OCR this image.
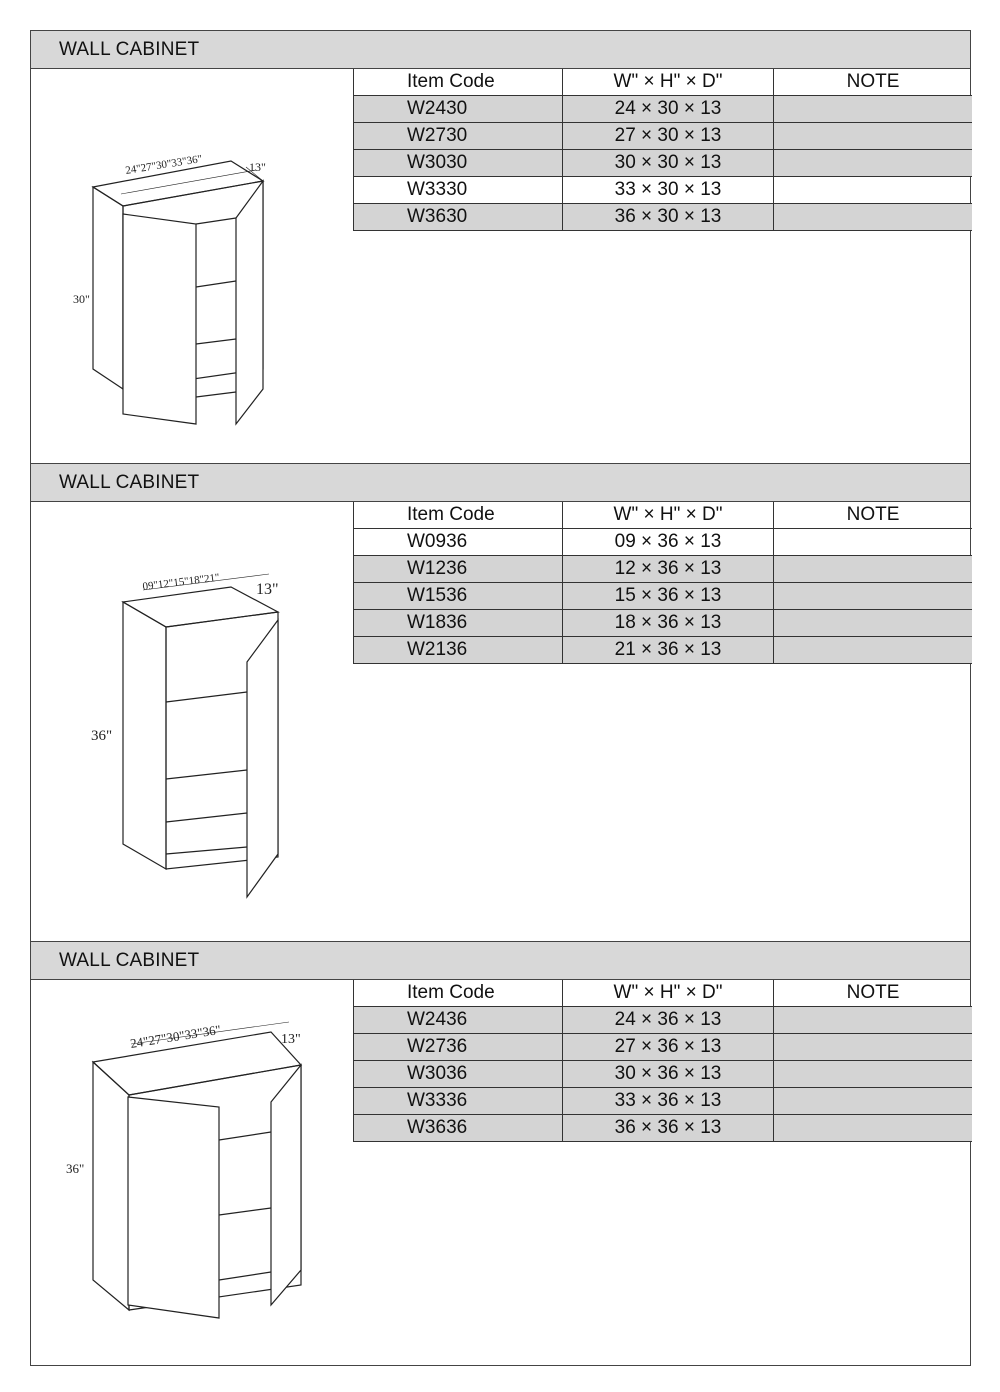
WALL CABINET
24"27"30"33"36"	13"
30"
Item Code	W" × H" × D"	NOTE
W2430	24 × 30 × 13	
W2730	27 × 30 × 13	
W3030	30 × 30 × 13	
W3330	33 × 30 × 13	
W3630	36 × 30 × 13	
WALL CABINET
09"12"15"18"21" 13"
36"
Item Code	W" × H" × D"	NOTE
W0936	09 × 36 × 13	
W1236	12 × 36 × 13	
W1536	15 × 36 × 13	
W1836	18 × 36 × 13	
W2136	21 × 36 × 13	
WALL CABINET
24"27"30"33"36"	13"
36"
Item Code	W" × H" × D"	NOTE
W2436	24 × 36 × 13	
W2736	27 × 36 × 13	
W3036	30 × 36 × 13	
W3336	33 × 36 × 13	
W3636	36 × 36 × 13	
